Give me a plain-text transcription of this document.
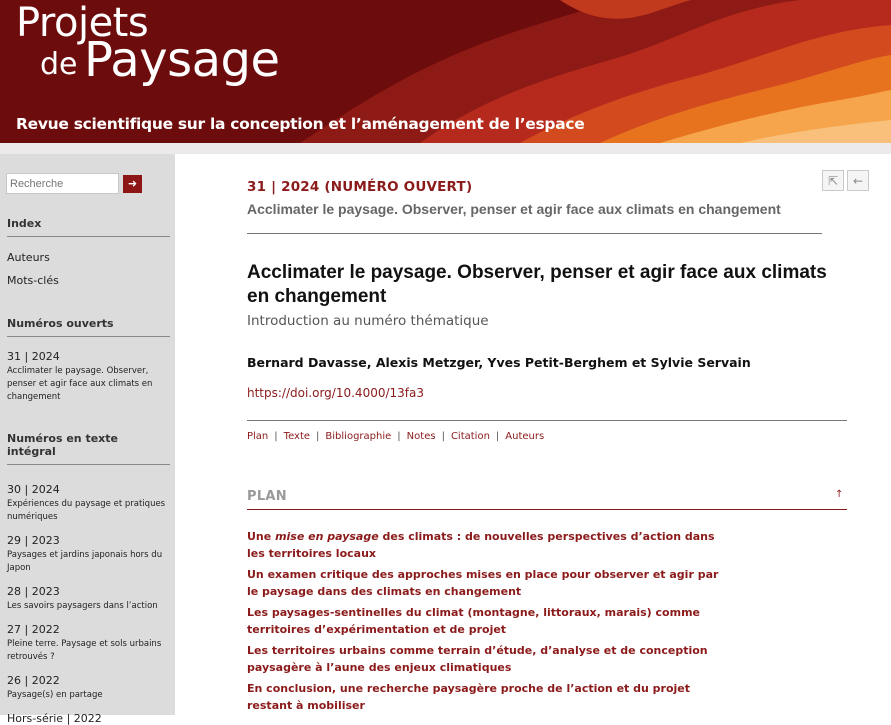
Projets
de Paysage
Revue scientifique sur la conception et l’aménagement de l’espace
Recherche
➜
Index
Auteurs
Mots-clés
Numéros ouverts
31 | 2024
Acclimater le paysage. Observer, penser et agir face aux climats en changement
Numéros en texte intégral
30 | 2024
Expériences du paysage et pratiques numériques
29 | 2023
Paysages et jardins japonais hors du Japon
28 | 2023
Les savoirs paysagers dans l’action
27 | 2022
Pleine terre. Paysage et sols urbains retrouvés ?
26 | 2022
Paysage(s) en partage
Hors-série | 2022
⇱	←
31 | 2024 (NUMÉRO OUVERT)
Acclimater le paysage. Observer, penser et agir face aux climats en changement
Acclimater le paysage. Observer, penser et agir face aux climats en changement
Introduction au numéro thématique
Bernard Davasse, Alexis Metzger, Yves Petit-Berghem et Sylvie Servain
https://doi.org/10.4000/13fa3
Plan | Texte | Bibliographie | Notes | Citation | Auteurs
PLAN	↑
Une mise en paysage des climats : de nouvelles perspectives d’action dans les territoires locaux
Un examen critique des approches mises en place pour observer et agir par le paysage dans des climats en changement
Les paysages-sentinelles du climat (montagne, littoraux, marais) comme territoires d’expérimentation et de projet
Les territoires urbains comme terrain d’étude, d’analyse et de conception paysagère à l’aune des enjeux climatiques
En conclusion, une recherche paysagère proche de l’action et du projet restant à mobiliser
